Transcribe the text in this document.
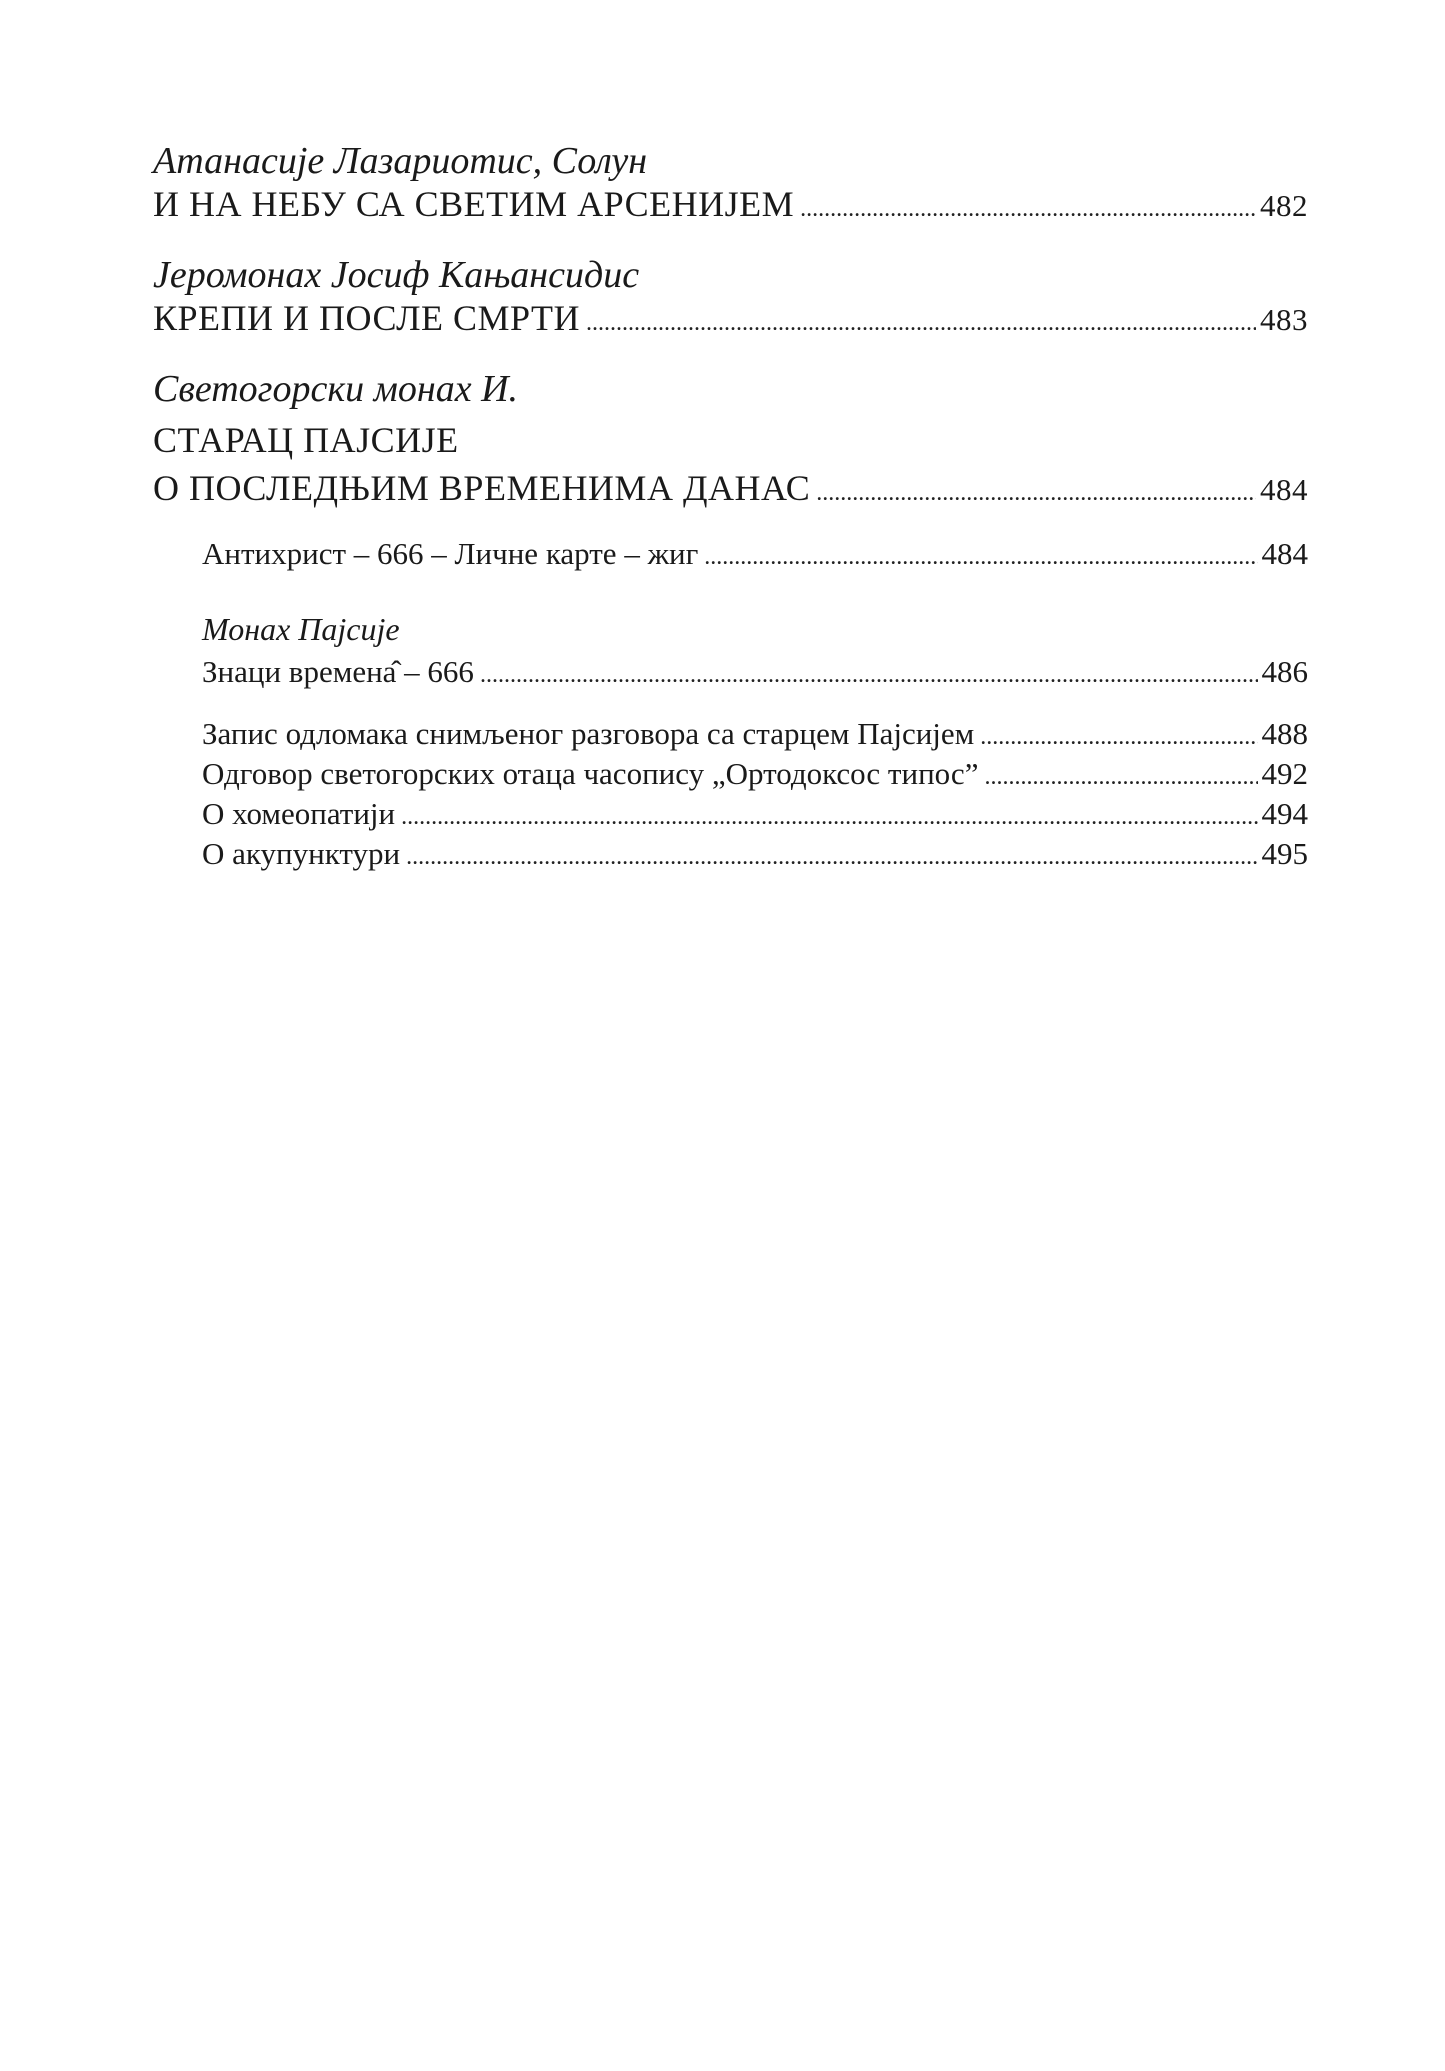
Атанасије Лазариотис, Солун
И НА НЕБУ СА СВЕТИМ АРСЕНИЈЕМ . . .	482
Јеромонах Јосиф Кањансидис
КРЕПИ И ПОСЛЕ СМРТИ . . .	483
Светогорски монах И.
СТАРАЦ ПАЈСИЈЕ
О ПОСЛЕДЊИМ ВРЕМЕНИМА ДАНАС . . .	484
Антихрист – 666 – Личне карте – жиг . . .	484
Монах Пајсије
Знаци времена̂ – 666 . . .	486
Запис одломака снимљеног разговора са старцем Пајсијем . . .	488
Одговор светогорских отаца часопису „Ортодоксос типос” . . .	492
О хомеопатији . . .	494
О акупунктури . . .	495
